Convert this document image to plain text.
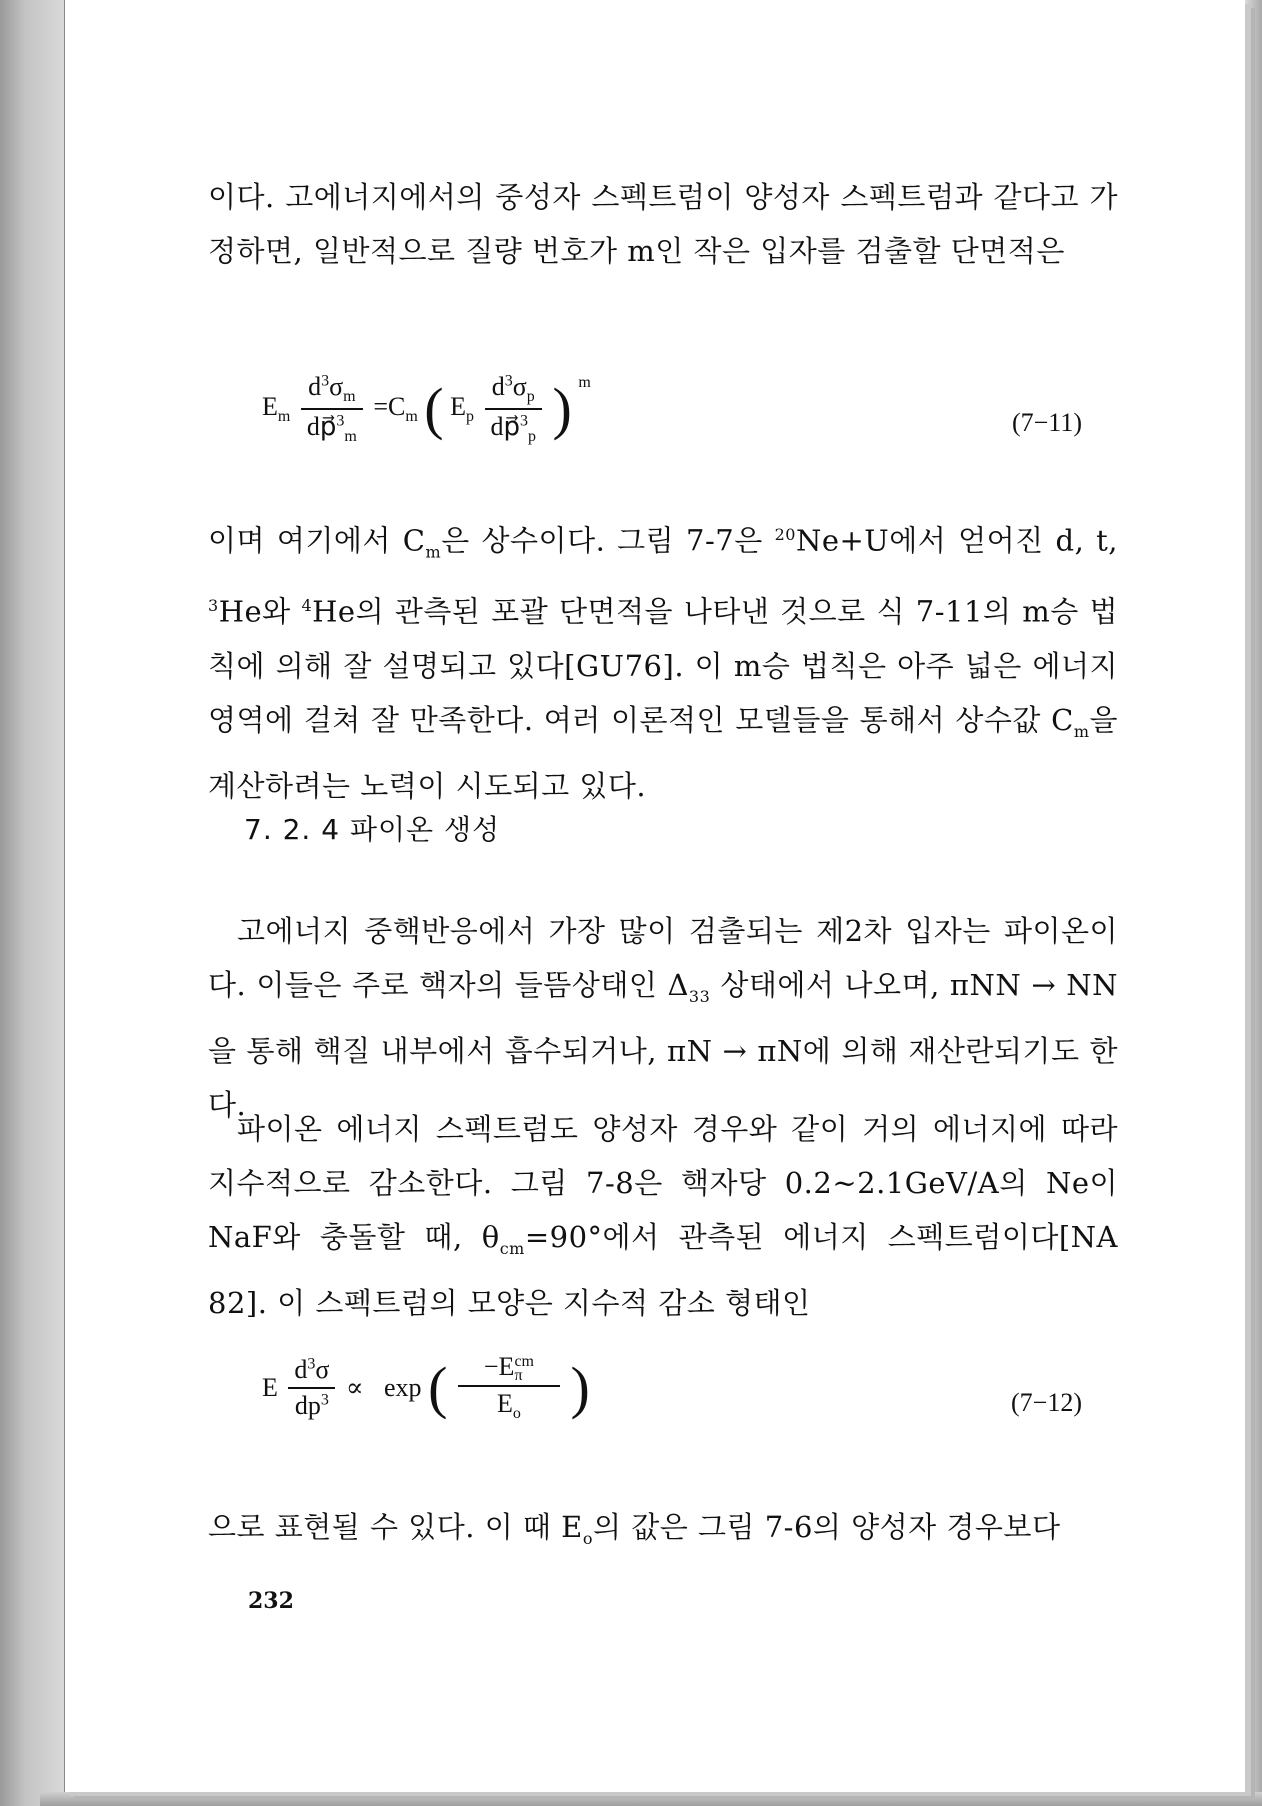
이다. 고에너지에서의 중성자 스펙트럼이 양성자 스펙트럼과 같다고 가정하면, 일반적으로 질량 번호가 m인 작은 입자를 검출할 단면적은

$E_m \frac{d^3\sigma_m}{dp⃗^3_m} =C_m$ ( $E_p \frac{d^3\sigma_p}{dp⃗^3_p}$ ) $^m$
(7−11)

이며 여기에서 $C_m$은 상수이다. 그림 7-7은 $^{20}$Ne+U에서 얻어진 d, t, $^3$He와 $^4$He의 관측된 포괄 단면적을 나타낸 것으로 식 7-11의 m승 법칙에 의해 잘 설명되고 있다[GU76]. 이 m승 법칙은 아주 넓은 에너지 영역에 걸쳐 잘 만족한다. 여러 이론적인 모델들을 통해서 상수값 $C_m$을 계산하려는 노력이 시도되고 있다.

7. 2. 4 파이온 생성

고에너지 중핵반응에서 가장 많이 검출되는 제2차 입자는 파이온이다. 이들은 주로 핵자의 들뜸상태인 $\Delta_{33}$ 상태에서 나오며, πNN → NN을 통해 핵질 내부에서 흡수되거나, πN → πN에 의해 재산란되기도 한다.

파이온 에너지 스펙트럼도 양성자 경우와 같이 거의 에너지에 따라 지수적으로 감소한다. 그림 7-8은 핵자당 0.2~2.1GeV/A의 Ne이 NaF와 충돌할 때, $\theta_{cm}=90^\circ$에서 관측된 에너지 스펙트럼이다[NA 82]. 이 스펙트럼의 모양은 지수적 감소 형태인

E $\frac{d^3\sigma}{dp^3} \propto \exp$ ( −E cm
π
$E_o$ )	(7−12)

으로 표현될 수 있다. 이 때 $E_o$의 값은 그림 7-6의 양성자 경우보다

232
